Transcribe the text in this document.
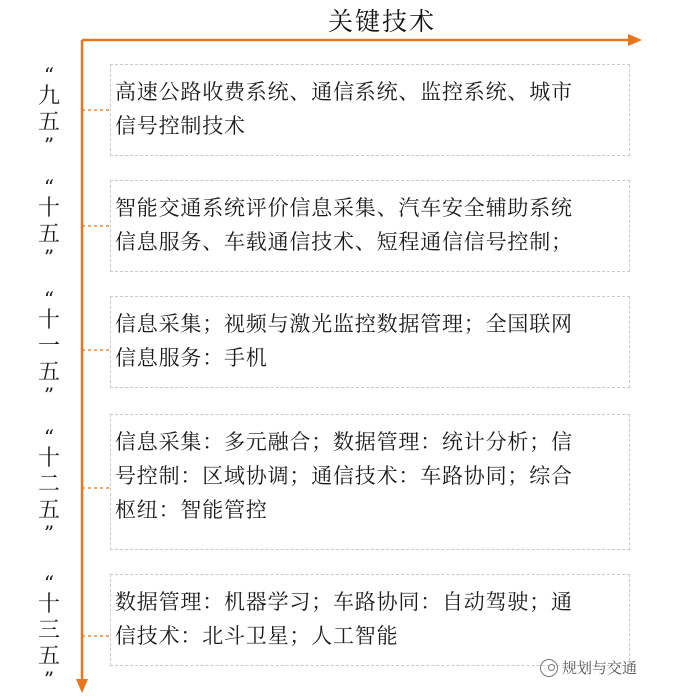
关键技术
“
九
五
”
“
十
五
”
“
十
一
五
”
“
十
二
五
”
“
十
三
五
”
高速公路收费系统、通信系统、监控系统、城市
信号控制技术
智能交通系统评价信息采集、汽车安全辅助系统
信息服务、车载通信技术、短程通信信号控制；
信息采集；视频与激光监控数据管理；全国联网
信息服务：手机
信息采集：多元融合；数据管理：统计分析；信
号控制：区域协调；通信技术：车路协同；综合
枢纽：智能管控
数据管理：机器学习；车路协同：自动驾驶；通
信技术：北斗卫星；人工智能
规划与交通
